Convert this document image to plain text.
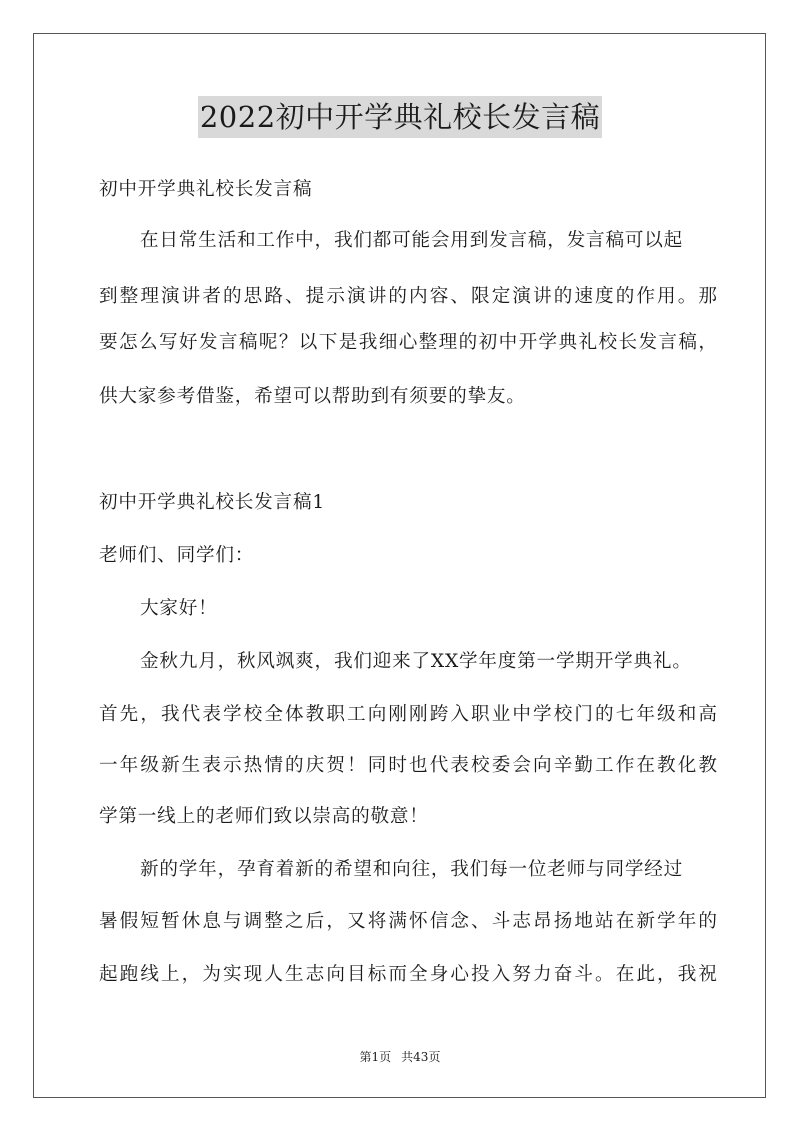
2022初中开学典礼校长发言稿
初中开学典礼校长发言稿
在日常生活和工作中，我们都可能会用到发言稿，发言稿可以起
到整理演讲者的思路、提示演讲的内容、限定演讲的速度的作用。那
要怎么写好发言稿呢？以下是我细心整理的初中开学典礼校长发言稿，
供大家参考借鉴，希望可以帮助到有须要的挚友。
初中开学典礼校长发言稿1
老师们、同学们：
大家好！
金秋九月，秋风飒爽，我们迎来了XX学年度第一学期开学典礼。
首先，我代表学校全体教职工向刚刚跨入职业中学校门的七年级和高
一年级新生表示热情的庆贺！同时也代表校委会向辛勤工作在教化教
学第一线上的老师们致以崇高的敬意！
新的学年，孕育着新的希望和向往，我们每一位老师与同学经过
暑假短暂休息与调整之后，又将满怀信念、斗志昂扬地站在新学年的
起跑线上，为实现人生志向目标而全身心投入努力奋斗。在此，我祝
第1页 共43页
